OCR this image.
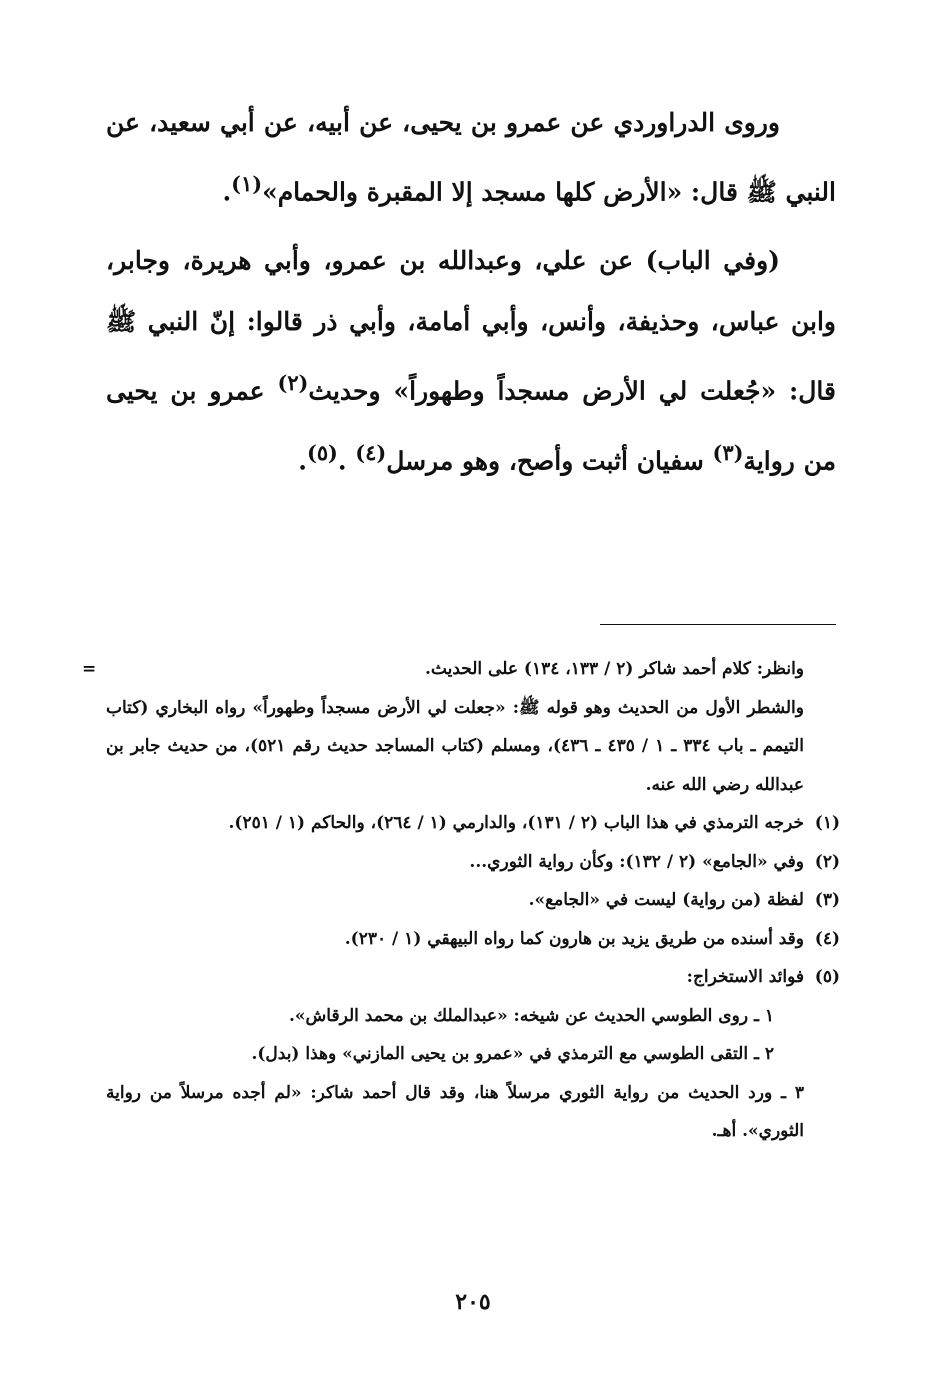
وروى الدراوردي عن عمرو بن يحيى، عن أبيه، عن أبي سعيد، عن النبي ﷺ قال: «الأرض كلها مسجد إلا المقبرة والحمام»$^{(١)}$.

(وفي الباب) عن علي، وعبدالله بن عمرو، وأبي هريرة، وجابر، وابن عباس، وحذيفة، وأنس، وأبي أمامة، وأبي ذر قالوا: إنّ النبي ﷺ قال: «جُعلت لي الأرض مسجداً وطهوراً» وحديث$^{(٢)}$ عمرو بن يحيى من رواية$^{(٣)}$ سفيان أثبت وأصح، وهو مرسل$^{(٤)}$ .$^{(٥)}$.

=	وانظر: كلام أحمد شاكر (٢ / ١٣٣، ١٣٤) على الحديث.
والشطر الأول من الحديث وهو قوله ﷺ: «جعلت لي الأرض مسجداً وطهوراً» رواه البخاري (كتاب التيمم ـ باب ٣٣٤ ـ ١ / ٤٣٥ ـ ٤٣٦)، ومسلم (كتاب المساجد حديث رقم ٥٢١)، من حديث جابر بن عبدالله رضي الله عنه.
(١)
خرجه الترمذي في هذا الباب (٢ / ١٣١)، والدارمي (١ / ٢٦٤)، والحاكم (١ / ٢٥١).
(٢)
وفي «الجامع» (٢ / ١٣٢): وكأن رواية الثوري...
(٣)
لفظة (من رواية) ليست في «الجامع».
(٤)
وقد أسنده من طريق يزيد بن هارون كما رواه البيهقي (١ / ٢٣٠).
(٥)
فوائد الاستخراج:
١ ـ روى الطوسي الحديث عن شيخه: «عبدالملك بن محمد الرقاش».
٢ ـ التقى الطوسي مع الترمذي في «عمرو بن يحيى المازني» وهذا (بدل).
٣ ـ ورد الحديث من رواية الثوري مرسلاً هنا، وقد قال أحمد شاكر: «لم أجده مرسلاً من رواية الثوري». أهـ.
٢٠٥
